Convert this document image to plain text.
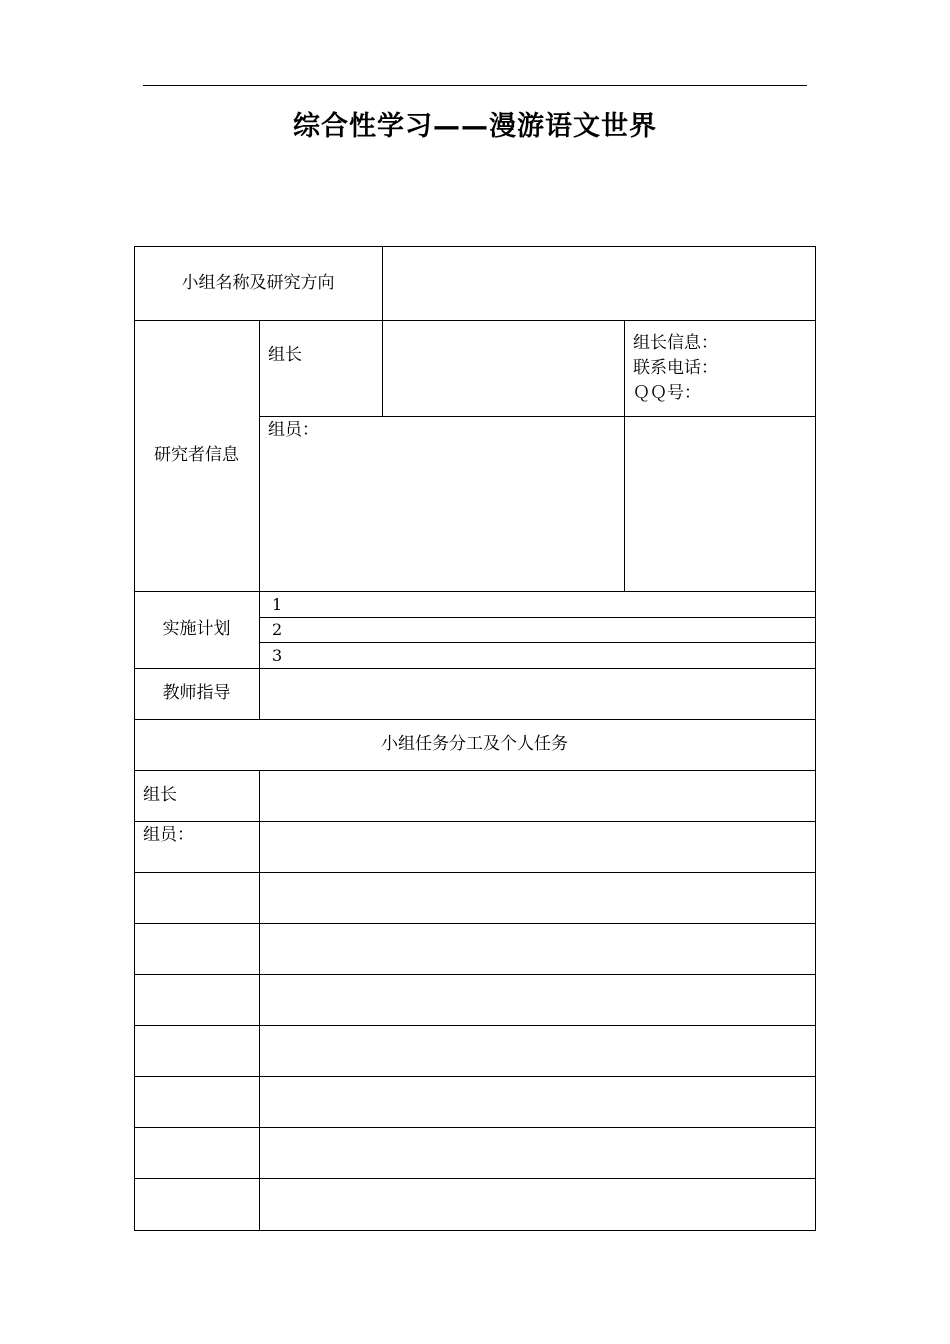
综合性学习——漫游语文世界
小组名称及研究方向
研究者信息
组长
组长信息：
联系电话：
ＱＱ号：
组员：
实施计划
1
2
3
教师指导
小组任务分工及个人任务
组长
组员：
